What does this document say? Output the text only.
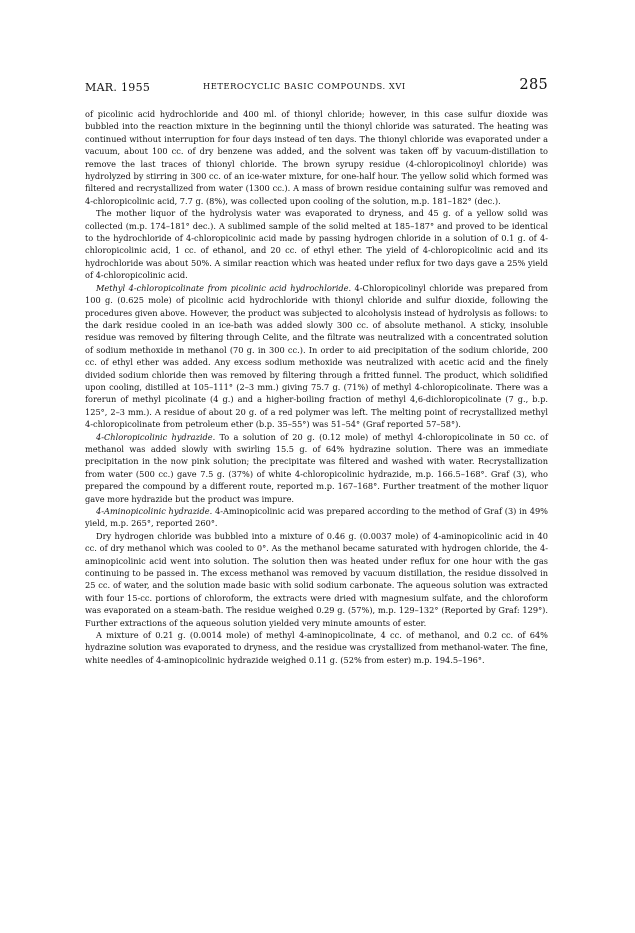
MAR. 1955	HETEROCYCLIC BASIC COMPOUNDS. XVI	285

of picolinic acid hydrochloride and 400 ml. of thionyl chloride; however, in this case sulfur dioxide was bubbled into the reaction mixture in the beginning until the thionyl chloride was saturated. The heating was continued without interruption for four days instead of ten days. The thionyl chloride was evaporated under a vacuum, about 100 cc. of dry benzene was added, and the solvent was taken off by vacuum-distillation to remove the last traces of thionyl chloride. The brown syrupy residue (4-chloropicolinoyl chloride) was hydrolyzed by stirring in 300 cc. of an ice-water mixture, for one-half hour. The yellow solid which formed was filtered and recrystallized from water (1300 cc.). A mass of brown residue containing sulfur was removed and 4-chloropicolinic acid, 7.7 g. (8%), was collected upon cooling of the solution, m.p. 181–182° (dec.).

The mother liquor of the hydrolysis water was evaporated to dryness, and 45 g. of a yellow solid was collected (m.p. 174–181° dec.). A sublimed sample of the solid melted at 185–187° and proved to be identical to the hydrochloride of 4-chloropicolinic acid made by passing hydrogen chloride in a solution of 0.1 g. of 4-chloropicolinic acid, 1 cc. of ethanol, and 20 cc. of ethyl ether. The yield of 4-chloropicolinic acid and its hydrochloride was about 50%. A similar reaction which was heated under reflux for two days gave a 25% yield of 4-chloropicolinic acid.

Methyl 4-chloropicolinate from picolinic acid hydrochloride. 4-Chloropicolinyl chloride was prepared from 100 g. (0.625 mole) of picolinic acid hydrochloride with thionyl chloride and sulfur dioxide, following the procedures given above. However, the product was subjected to alcoholysis instead of hydrolysis as follows: to the dark residue cooled in an ice-bath was added slowly 300 cc. of absolute methanol. A sticky, insoluble residue was removed by filtering through Celite, and the filtrate was neutralized with a concentrated solution of sodium methoxide in methanol (70 g. in 300 cc.). In order to aid precipitation of the sodium chloride, 200 cc. of ethyl ether was added. Any excess sodium methoxide was neutralized with acetic acid and the finely divided sodium chloride then was removed by filtering through a fritted funnel. The product, which solidified upon cooling, distilled at 105–111° (2–3 mm.) giving 75.7 g. (71%) of methyl 4-chloropicolinate. There was a forerun of methyl picolinate (4 g.) and a higher-boiling fraction of methyl 4,6-dichloropicolinate (7 g., b.p. 125°, 2–3 mm.). A residue of about 20 g. of a red polymer was left. The melting point of recrystallized methyl 4-chloropicolinate from petroleum ether (b.p. 35–55°) was 51–54° (Graf reported 57–58°).

4-Chloropicolinic hydrazide. To a solution of 20 g. (0.12 mole) of methyl 4-chloropicolinate in 50 cc. of methanol was added slowly with swirling 15.5 g. of 64% hydrazine solution. There was an immediate precipitation in the now pink solution; the precipitate was filtered and washed with water. Recrystallization from water (500 cc.) gave 7.5 g. (37%) of white 4-chloropicolinic hydrazide, m.p. 166.5–168°. Graf (3), who prepared the compound by a different route, reported m.p. 167–168°. Further treatment of the mother liquor gave more hydrazide but the product was impure.

4-Aminopicolinic hydrazide. 4-Aminopicolinic acid was prepared according to the method of Graf (3) in 49% yield, m.p. 265°, reported 260°.

Dry hydrogen chloride was bubbled into a mixture of 0.46 g. (0.0037 mole) of 4-aminopicolinic acid in 40 cc. of dry methanol which was cooled to 0°. As the methanol became saturated with hydrogen chloride, the 4-aminopicolinic acid went into solution. The solution then was heated under reflux for one hour with the gas continuing to be passed in. The excess methanol was removed by vacuum distillation, the residue dissolved in 25 cc. of water, and the solution made basic with solid sodium carbonate. The aqueous solution was extracted with four 15-cc. portions of chloroform, the extracts were dried with magnesium sulfate, and the chloroform was evaporated on a steam-bath. The residue weighed 0.29 g. (57%), m.p. 129–132° (Reported by Graf: 129°). Further extractions of the aqueous solution yielded very minute amounts of ester.

A mixture of 0.21 g. (0.0014 mole) of methyl 4-aminopicolinate, 4 cc. of methanol, and 0.2 cc. of 64% hydrazine solution was evaporated to dryness, and the residue was crystallized from methanol-water. The fine, white needles of 4-aminopicolinic hydrazide weighed 0.11 g. (52% from ester) m.p. 194.5–196°.
